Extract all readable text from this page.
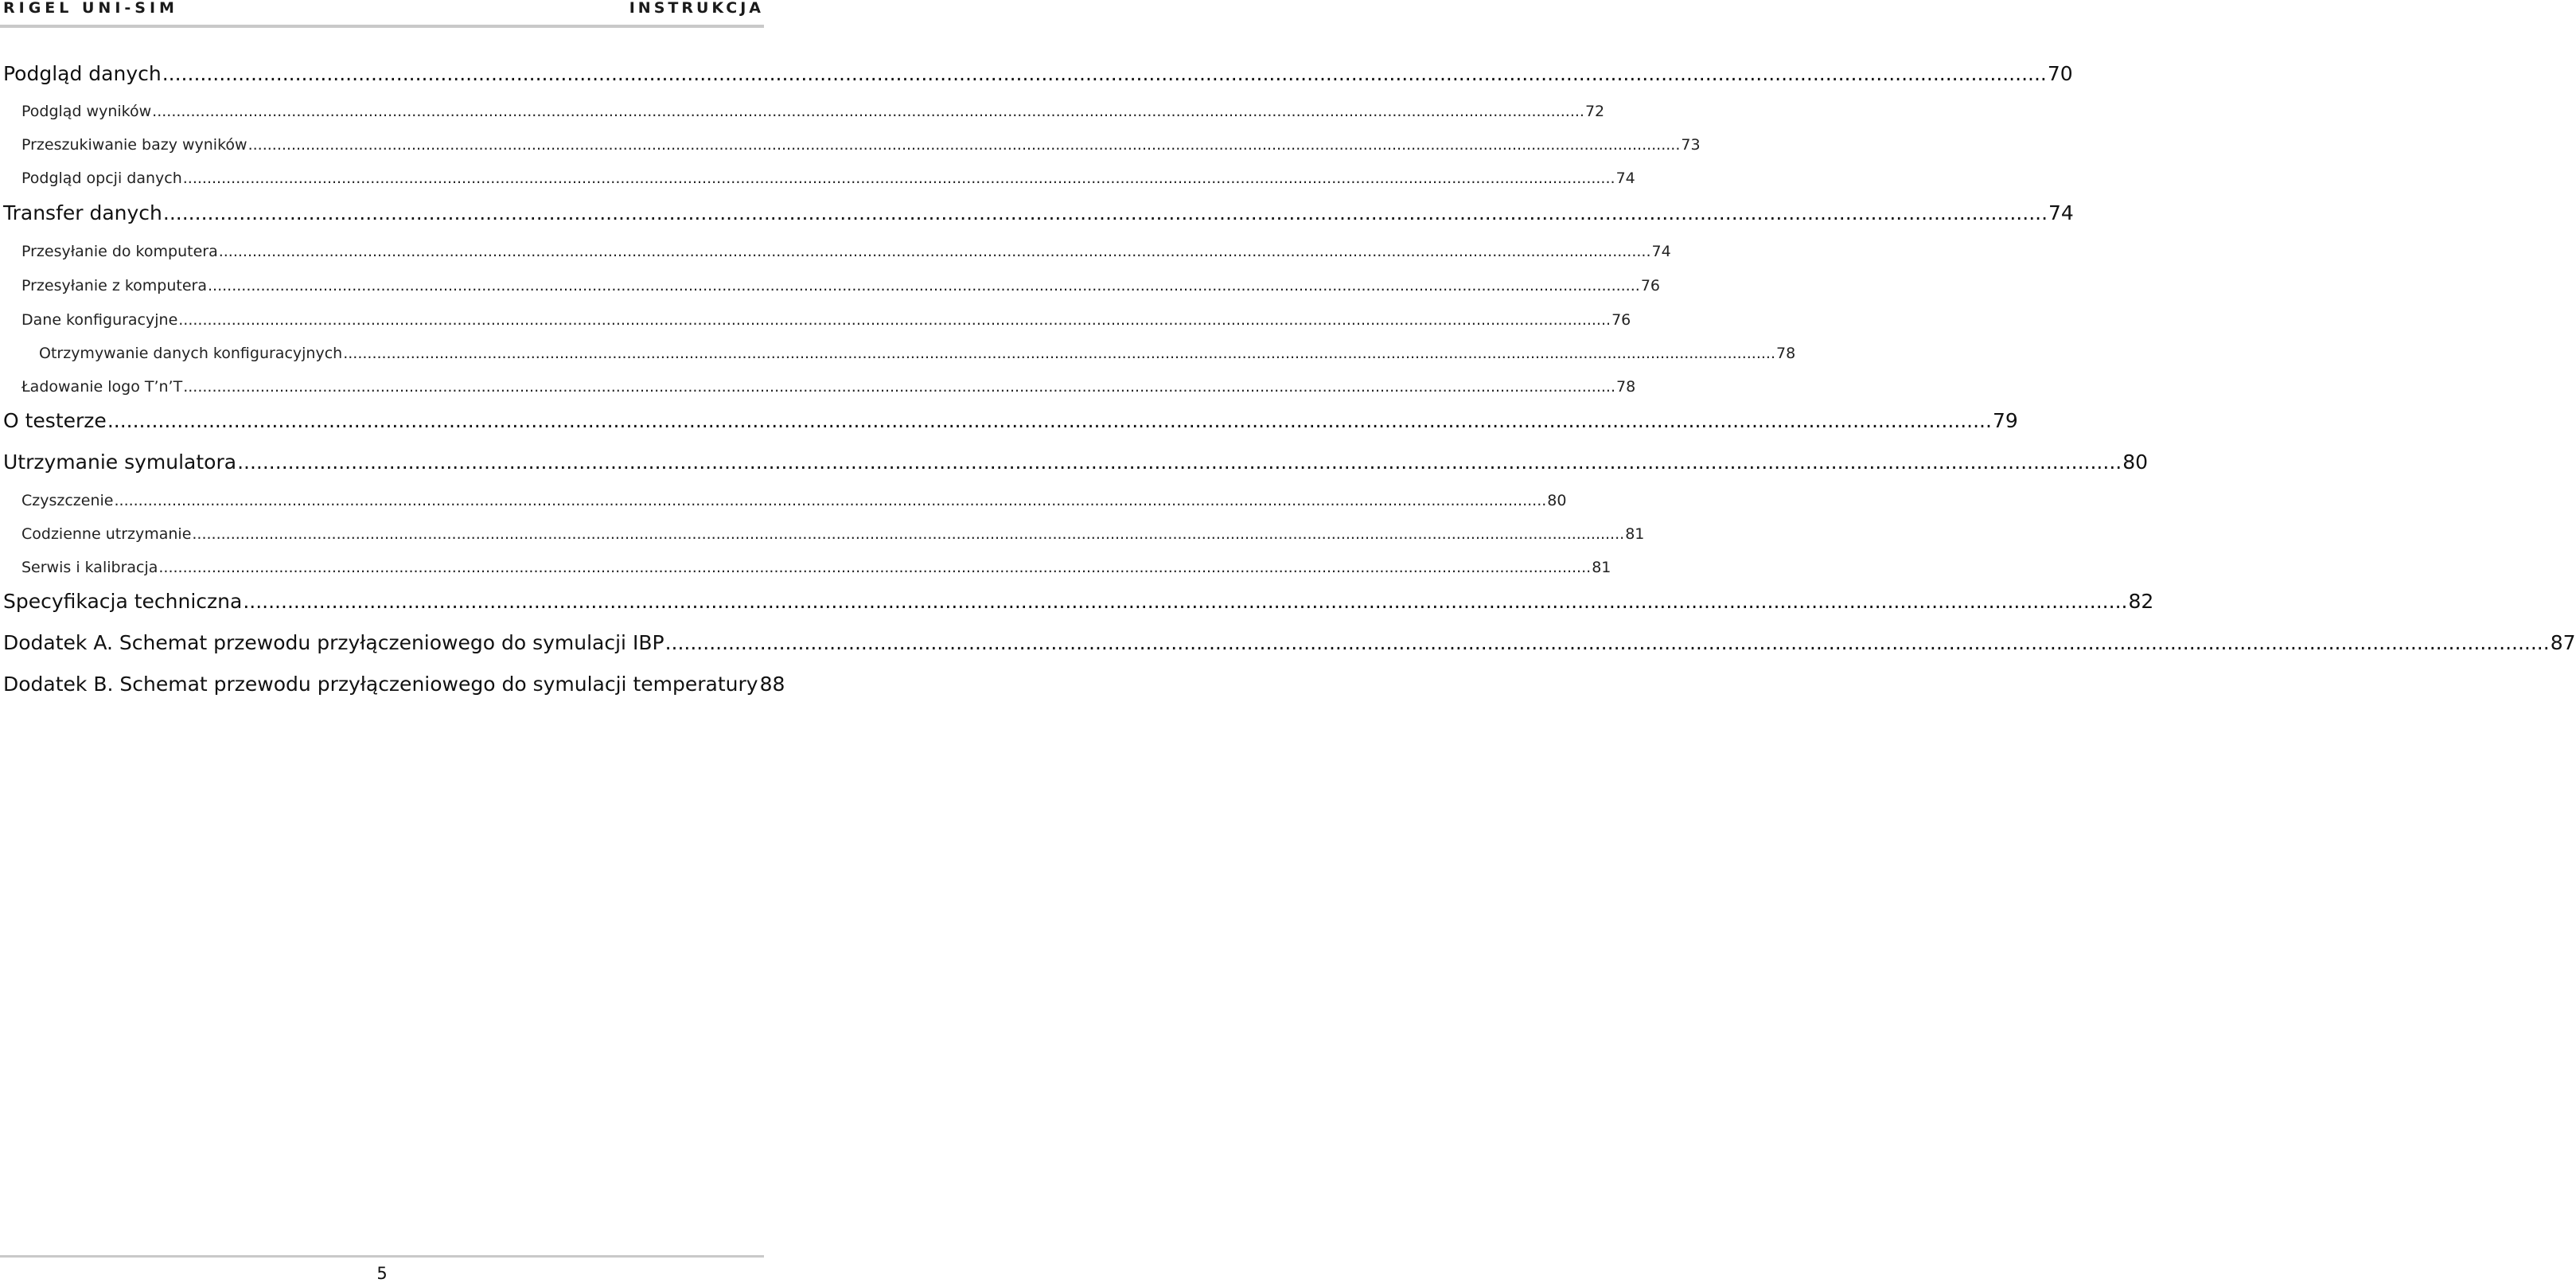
RIGEL UNI-SIM	INSTRUKCJA
Podgląd danych .....	70
Podgląd wyników .....	72
Przeszukiwanie bazy wyników .....	73
Podgląd opcji danych .....	74
Transfer danych .....	74
Przesyłanie do komputera .....	74
Przesyłanie z komputera .....	76
Dane konfiguracyjne .....	76
Otrzymywanie danych konfiguracyjnych .....	78
Ładowanie logo T’n’T .....	78
O testerze .....	79
Utrzymanie symulatora .....	80
Czyszczenie .....	80
Codzienne utrzymanie .....	81
Serwis i kalibracja .....	81
Specyfikacja techniczna .....	82
Dodatek A. Schemat przewodu przyłączeniowego do symulacji IBP .....	87
Dodatek B. Schemat przewodu przyłączeniowego do symulacji temperatury 88
5
